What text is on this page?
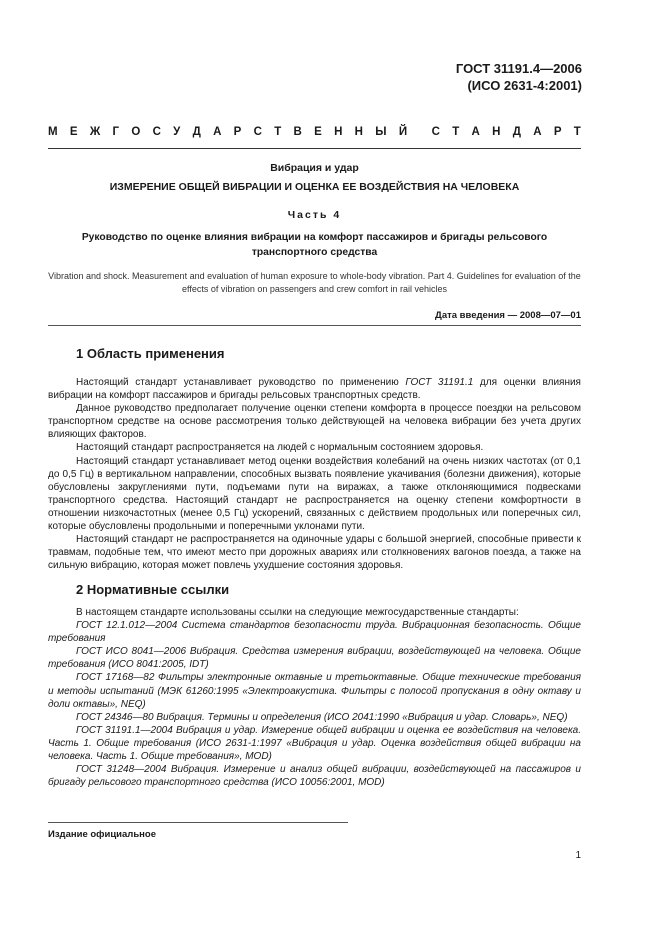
ГОСТ 31191.4—2006
(ИСО 2631-4:2001)
М Е Ж Г О С У Д А Р С Т В Е Н Н Ы Й С Т А Н Д А Р Т
Вибрация и удар
ИЗМЕРЕНИЕ ОБЩЕЙ ВИБРАЦИИ И ОЦЕНКА ЕЕ ВОЗДЕЙСТВИЯ НА ЧЕЛОВЕКА
Часть 4
Руководство по оценке влияния вибрации на комфорт пассажиров и бригады рельсового транспортного средства
Vibration and shock. Measurement and evaluation of human exposure to whole-body vibration. Part 4. Guidelines for evaluation of the effects of vibration on passengers and crew comfort in rail vehicles
Дата введения — 2008—07—01
1 Область применения

Настоящий стандарт устанавливает руководство по применению ГОСТ 31191.1 для оценки влияния вибрации на комфорт пассажиров и бригады рельсовых транспортных средств.

Данное руководство предполагает получение оценки степени комфорта в процессе поездки на рельсовом транспортном средстве на основе рассмотрения только действующей на человека вибрации без учета других влияющих факторов.

Настоящий стандарт распространяется на людей с нормальным состоянием здоровья.

Настоящий стандарт устанавливает метод оценки воздействия колебаний на очень низких частотах (от 0,1 до 0,5 Гц) в вертикальном направлении, способных вызвать появление укачивания (болезни движения), которые обусловлены закруглениями пути, подъемами пути на виражах, а также отклоняющимися подвесками транспортного средства. Настоящий стандарт не распространяется на оценку степени комфортности в отношении низкочастотных (менее 0,5 Гц) ускорений, связанных с действием продольных или поперечных сил, которые обусловлены продольными и поперечными уклонами пути.

Настоящий стандарт не распространяется на одиночные удары с большой энергией, способные привести к травмам, подобные тем, что имеют место при дорожных авариях или столкновениях вагонов поезда, а также на сильную вибрацию, которая может повлечь ухудшение состояния здоровья.

2 Нормативные ссылки

В настоящем стандарте использованы ссылки на следующие межгосударственные стандарты:

ГОСТ 12.1.012—2004 Система стандартов безопасности труда. Вибрационная безопасность. Общие требования

ГОСТ ИСО 8041—2006 Вибрация. Средства измерения вибрации, воздействующей на человека. Общие требования (ИСО 8041:2005, IDT)

ГОСТ 17168—82 Фильтры электронные октавные и третьоктавные. Общие технические требования и методы испытаний (МЭК 61260:1995 «Электроакустика. Фильтры с полосой пропускания в одну октаву и доли октавы», NEQ)

ГОСТ 24346—80 Вибрация. Термины и определения (ИСО 2041:1990 «Вибрация и удар. Словарь», NEQ)

ГОСТ 31191.1—2004 Вибрация и удар. Измерение общей вибрации и оценка ее воздействия на человека. Часть 1. Общие требования (ИСО 2631-1:1997 «Вибрация и удар. Оценка воздействия общей вибрации на человека. Часть 1. Общие требования», MOD)

ГОСТ 31248—2004 Вибрация. Измерение и анализ общей вибрации, воздействующей на пассажиров и бригаду рельсового транспортного средства (ИСО 10056:2001, MOD)

Издание официальное
1
